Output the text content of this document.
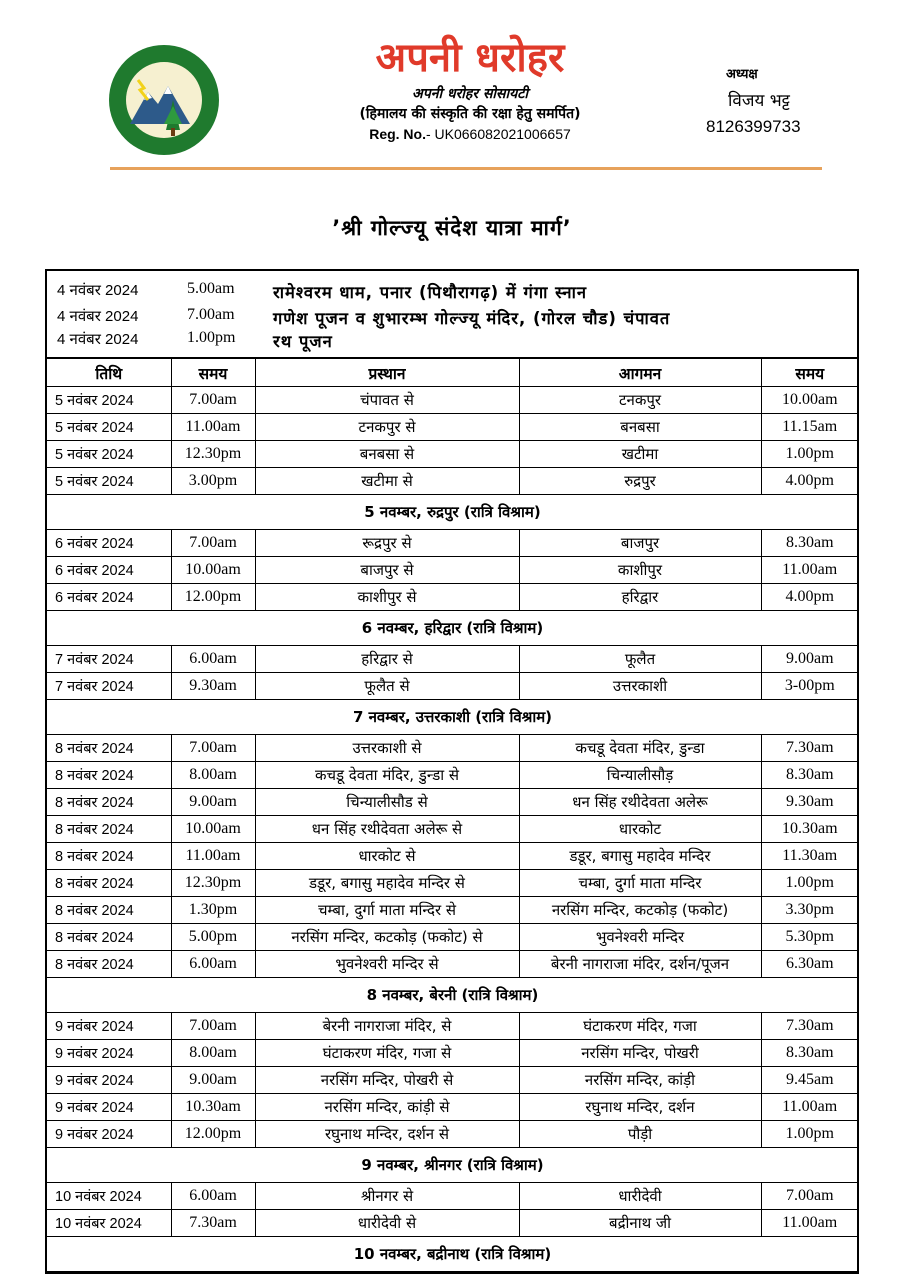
अपनी धरोहर
अपनी धरोहर सोसायटी
(हिमालय की संस्कृति की रक्षा हेतु समर्पित)
Reg. No.- UK066082021006657
अध्यक्ष
विजय भट्ट
8126399733
’श्री गोल्ज्यू संदेश यात्रा मार्ग’
4 नवंबर 2024	5.00am रामेश्वरम धाम, पनार (पिथौरागढ़) में गंगा स्नान
4 नवंबर 2024	7.00am गणेश पूजन व शुभारम्भ गोल्ज्यू मंदिर, (गोरल चौड) चंपावत
4 नवंबर 2024	1.00pm रथ पूजन
तिथि	समय	प्रस्थान	आगमन	समय
5 नवंबर 2024	7.00am	चंपावत से	टनकपुर	10.00am
5 नवंबर 2024	11.00am	टनकपुर से	बनबसा	11.15am
5 नवंबर 2024	12.30pm	बनबसा से	खटीमा	1.00pm
5 नवंबर 2024	3.00pm	खटीमा से	रुद्रपुर	4.00pm
5 नवम्बर, रुद्रपुर (रात्रि विश्राम)				
6 नवंबर 2024	7.00am	रूद्रपुर से	बाजपुर	8.30am
6 नवंबर 2024	10.00am	बाजपुर से	काशीपुर	11.00am
6 नवंबर 2024	12.00pm	काशीपुर से	हरिद्वार	4.00pm
6 नवम्बर, हरिद्वार (रात्रि विश्राम)				
7 नवंबर 2024	6.00am	हरिद्वार से	फूलैत	9.00am
7 नवंबर 2024	9.30am	फूलैत से	उत्तरकाशी	3-00pm
7 नवम्बर, उत्तरकाशी (रात्रि विश्राम)				
8 नवंबर 2024	7.00am	उत्तरकाशी से	कचडू देवता मंदिर, डुन्डा	7.30am
8 नवंबर 2024	8.00am	कचडू देवता मंदिर, डुन्डा से	चिन्यालीसौड़	8.30am
8 नवंबर 2024	9.00am	चिन्यालीसौड से	धन सिंह रथीदेवता अलेरू	9.30am
8 नवंबर 2024	10.00am	धन सिंह रथीदेवता अलेरू से	धारकोट	10.30am
8 नवंबर 2024	11.00am	धारकोट से	डडूर, बगासु महादेव मन्दिर	11.30am
8 नवंबर 2024	12.30pm	डडूर, बगासु महादेव मन्दिर से	चम्बा, दुर्गा माता मन्दिर	1.00pm
8 नवंबर 2024	1.30pm	चम्बा, दुर्गा माता मन्दिर से	नरसिंग मन्दिर, कटकोड़ (फकोट)	3.30pm
8 नवंबर 2024	5.00pm	नरसिंग मन्दिर, कटकोड़ (फकोट) से	भुवनेश्वरी मन्दिर	5.30pm
8 नवंबर 2024	6.00am	भुवनेश्वरी मन्दिर से	बेरनी नागराजा मंदिर, दर्शन/पूजन	6.30am
8 नवम्बर, बेरनी (रात्रि विश्राम)				
9 नवंबर 2024	7.00am	बेरनी नागराजा मंदिर, से	घंटाकरण मंदिर, गजा	7.30am
9 नवंबर 2024	8.00am	घंटाकरण मंदिर, गजा से	नरसिंग मन्दिर, पोखरी	8.30am
9 नवंबर 2024	9.00am	नरसिंग मन्दिर, पोखरी से	नरसिंग मन्दिर, कांड़ी	9.45am
9 नवंबर 2024	10.30am	नरसिंग मन्दिर, कांड़ी से	रघुनाथ मन्दिर, दर्शन	11.00am
9 नवंबर 2024	12.00pm	रघुनाथ मन्दिर, दर्शन से	पौड़ी	1.00pm
9 नवम्बर, श्रीनगर (रात्रि विश्राम)				
10 नवंबर 2024	6.00am	श्रीनगर से	धारीदेवी	7.00am
10 नवंबर 2024	7.30am	धारीदेवी से	बद्रीनाथ जी	11.00am
10 नवम्बर, बद्रीनाथ (रात्रि विश्राम)				
